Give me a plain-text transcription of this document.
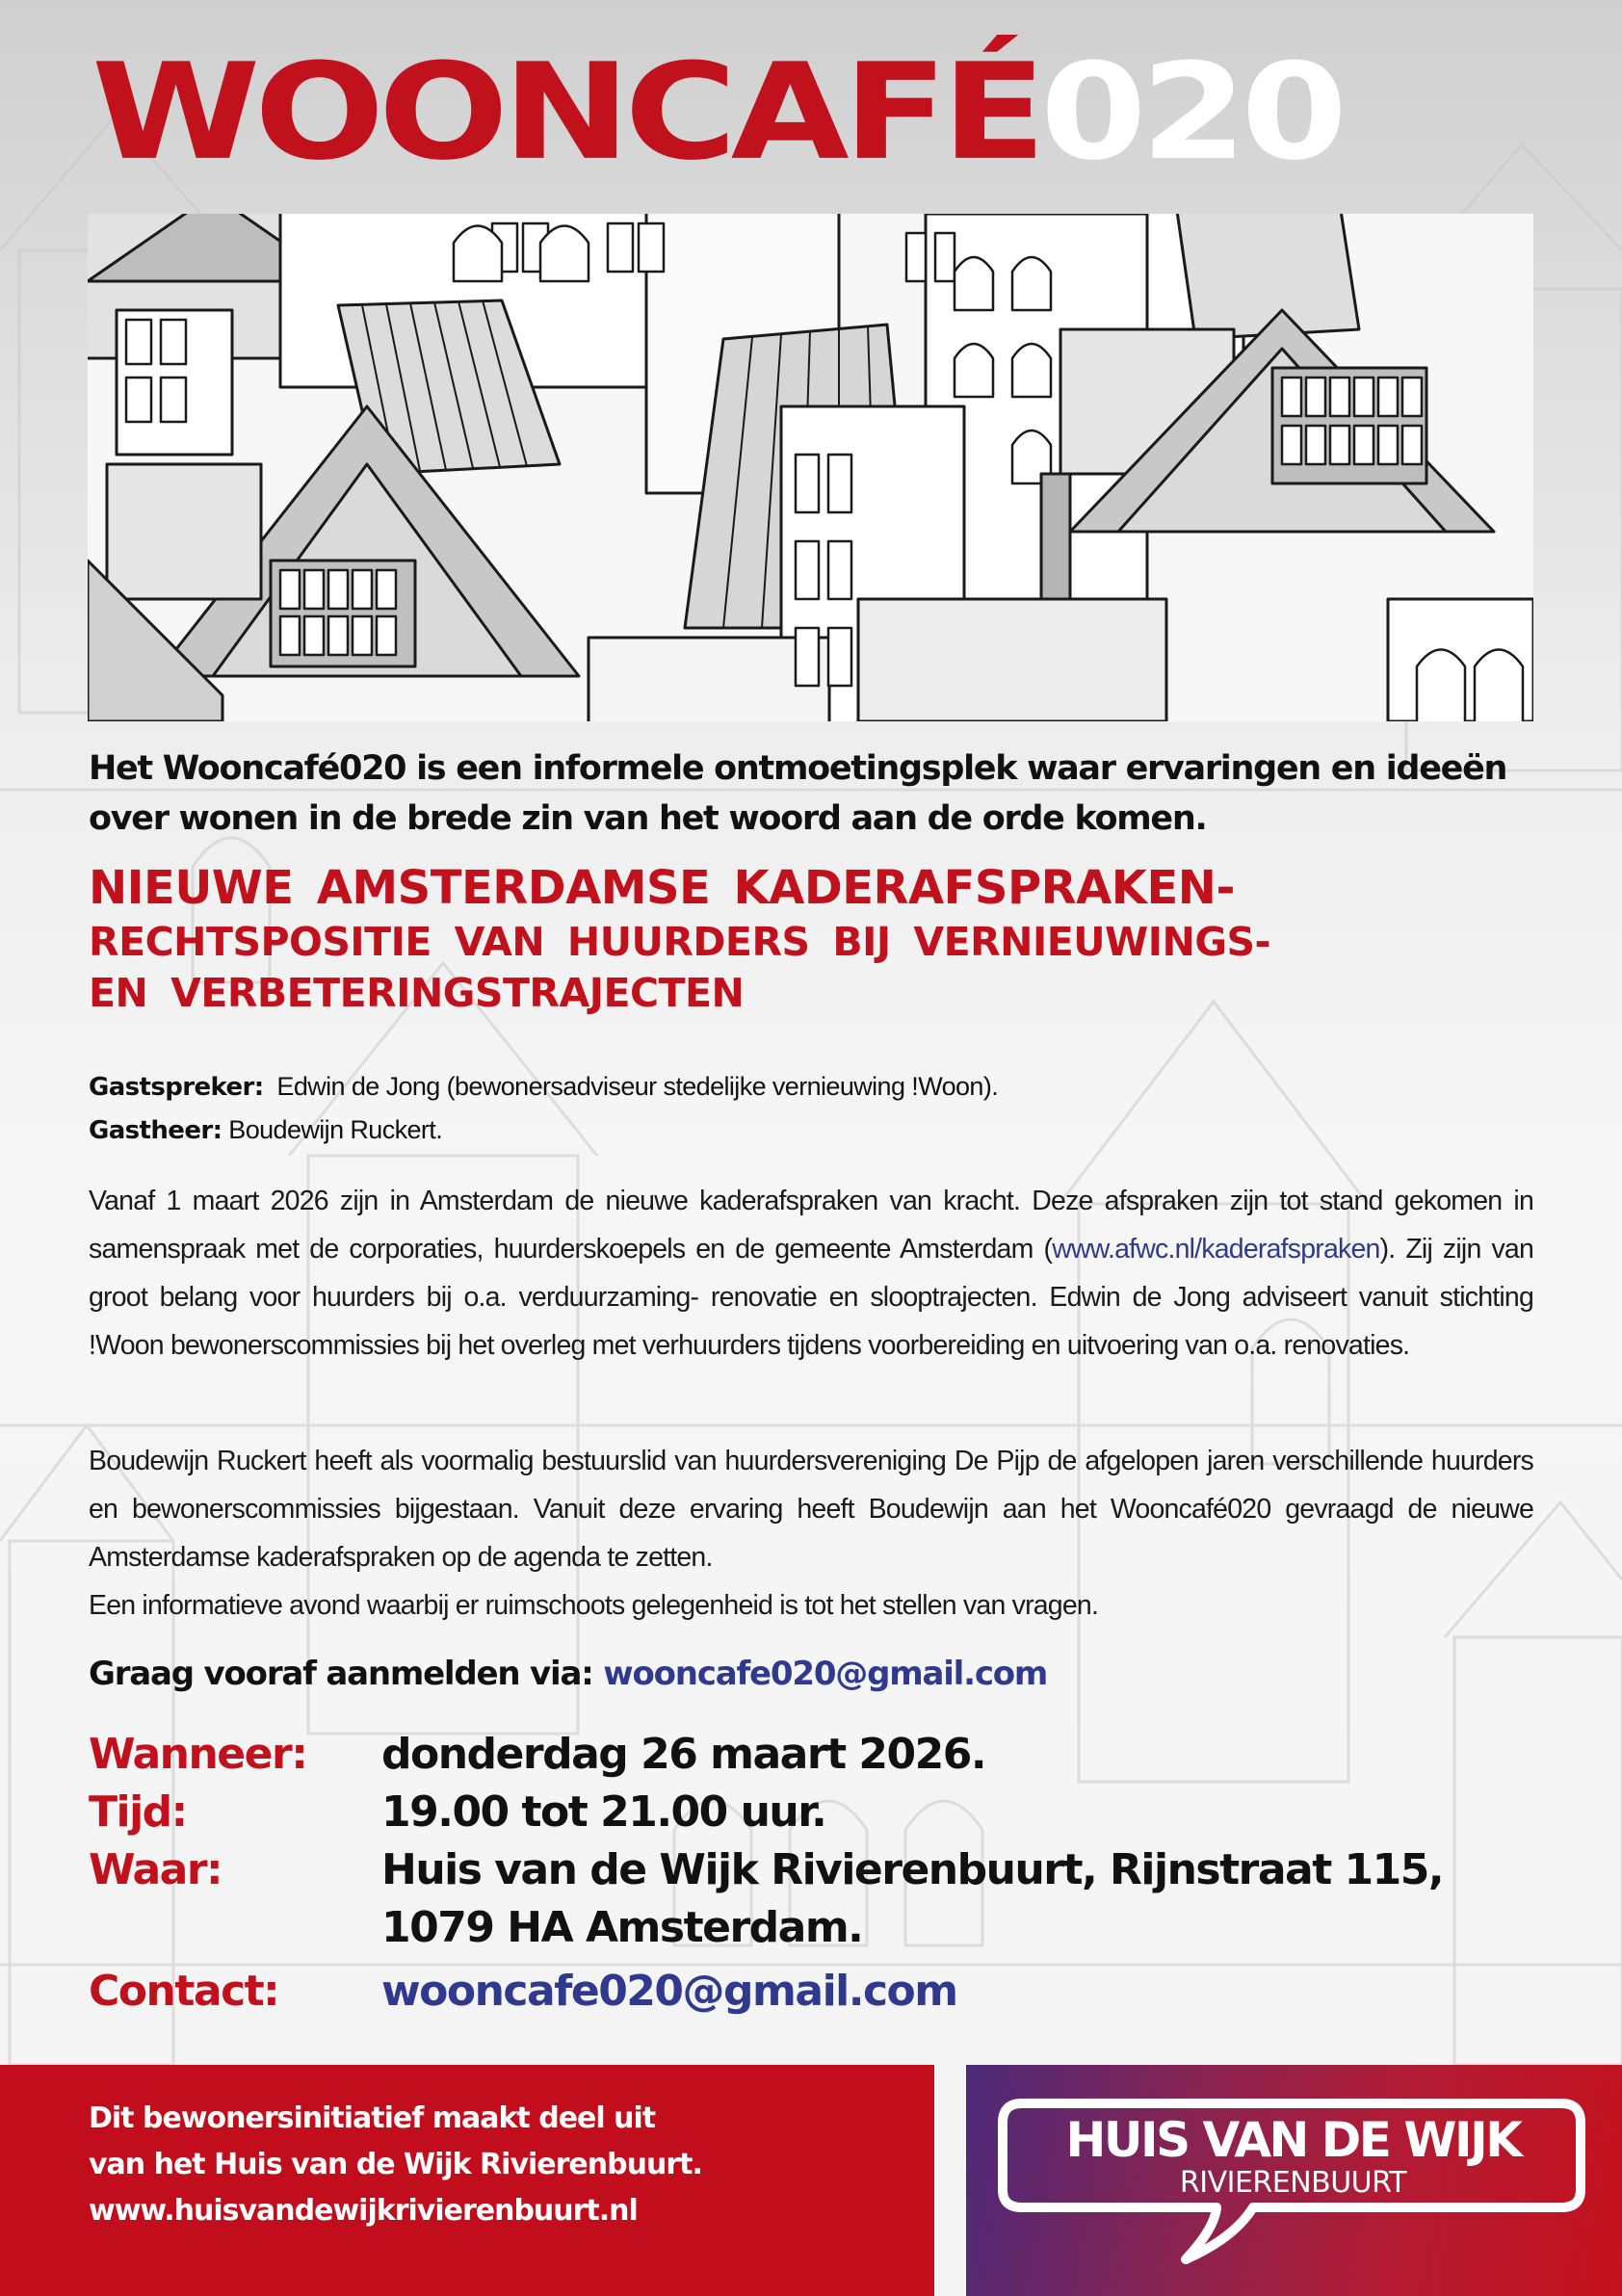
WOONCAFÉ020

Het Wooncafé020 is een informele ontmoetingsplek waar ervaringen en ideeën over wonen in de brede zin van het woord aan de orde komen.

NIEUWE AMSTERDAMSE KADERAFSPRAKEN-
RECHTSPOSITIE VAN HUURDERS BIJ VERNIEUWINGS-
EN VERBETERINGSTRAJECTEN
Gastspreker: Edwin de Jong (bewonersadviseur stedelijke vernieuwing !Woon).
Gastheer: Boudewijn Ruckert.

Vanaf 1 maart 2026 zijn in Amsterdam de nieuwe kaderafspraken van kracht. Deze afspraken zijn tot stand gekomen in samenspraak met de corporaties, huurderskoepels en de gemeente Amsterdam (www.afwc.nl/kaderafspraken). Zij zijn van groot belang voor huurders bij o.a. verduurzaming- renovatie en slooptrajecten. Edwin de Jong adviseert vanuit stichting !Woon bewonerscommissies bij het overleg met verhuurders tijdens voorbereiding en uitvoering van o.a. renovaties.

Boudewijn Ruckert heeft als voormalig bestuurslid van huurdersvereniging De Pijp de afgelopen jaren verschillende huurders en bewonerscommissies bijgestaan. Vanuit deze ervaring heeft Boudewijn aan het Wooncafé020 gevraagd de nieuwe Amsterdamse kaderafspraken op de agenda te zetten.

Een informatieve avond waarbij er ruimschoots gelegenheid is tot het stellen van vragen.

Graag vooraf aanmelden via: wooncafe020@gmail.com
Wanneer:	donderdag 26 maart 2026.
Tijd:	19.00 tot 21.00 uur.
Waar:	Huis van de Wijk Rivierenbuurt, Rijnstraat 115,
1079 HA Amsterdam.
Contact:	wooncafe020@gmail.com
Dit bewonersinitiatief maakt deel uit
van het Huis van de Wijk Rivierenbuurt.
www.huisvandewijkrivierenbuurt.nl
HUIS VAN DE WIJK
RIVIERENBUURT
